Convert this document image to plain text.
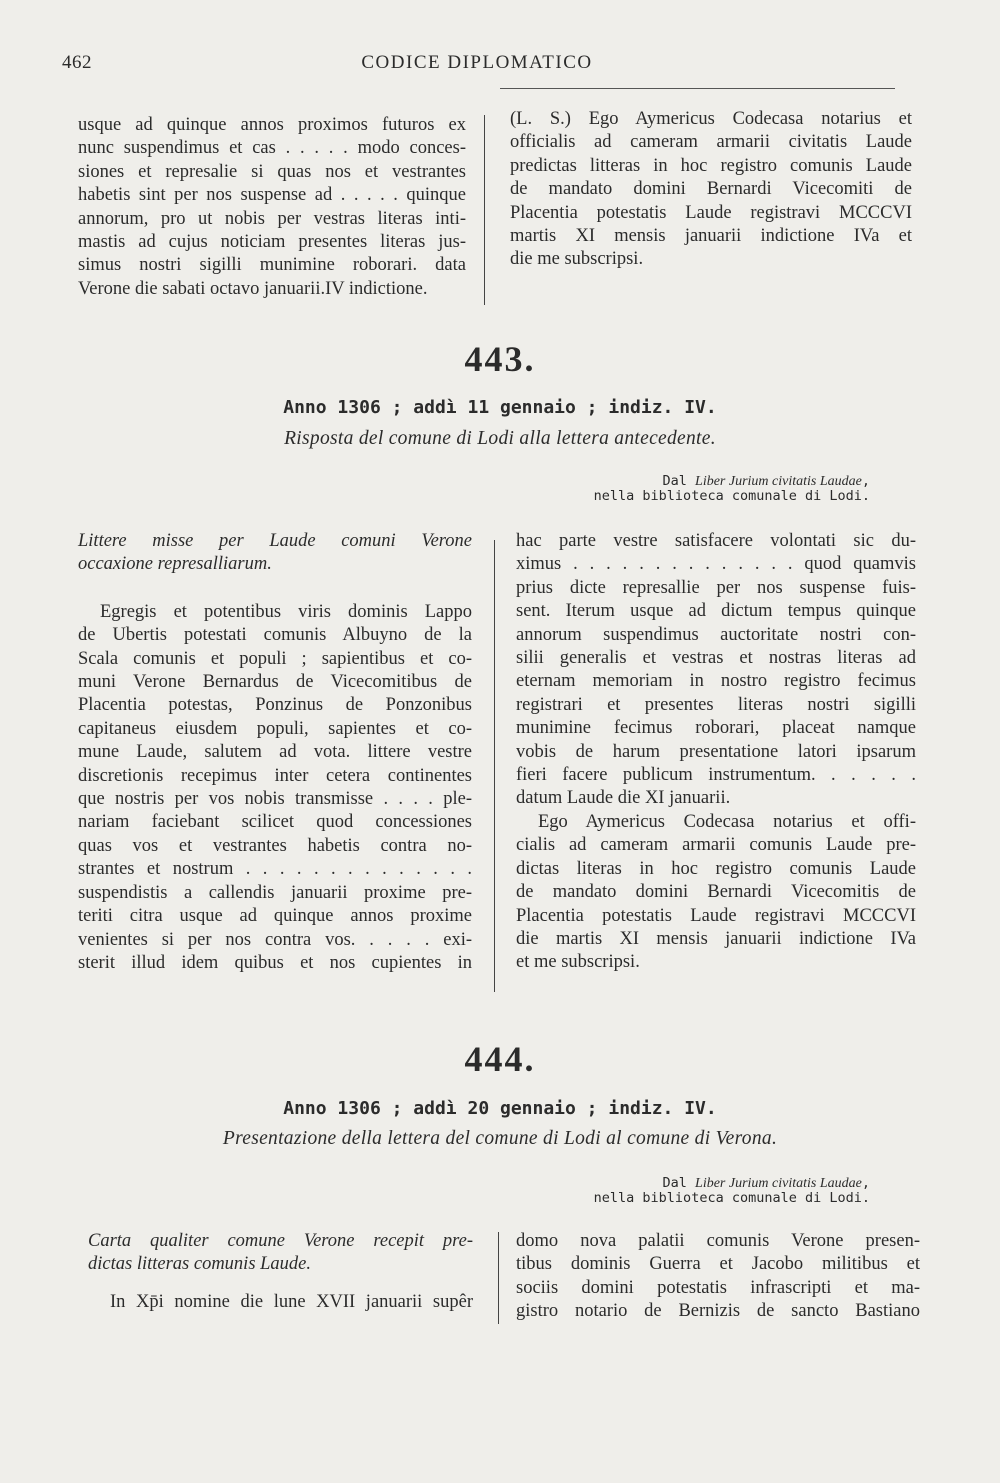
462	CODICE DIPLOMATICO
usque ad quinque annos proximos futuros ex
nunc suspendimus et cas . . . . . modo conces-
siones et represalie si quas nos et vestrantes
habetis sint per nos suspense ad . . . . . quinque
annorum, pro ut nobis per vestras literas inti-
mastis ad cujus noticiam presentes literas jus-
simus nostri sigilli munimine roborari. data
Verone die sabati octavo januarii.IV indictione.
(L. S.) Ego Aymericus Codecasa notarius et
officialis ad cameram armarii civitatis Laude
predictas litteras in hoc registro comunis Laude
de mandato domini Bernardi Vicecomiti de
Placentia potestatis Laude registravi MCCCVI
martis XI mensis januarii indictione IVa et
die me subscripsi.
443.
Anno 1306 ; addì 11 gennaio ; indiz. IV.
Risposta del comune di Lodi alla lettera antecedente.
Dal Liber Jurium civitatis Laudae,
nella biblioteca comunale di Lodi.
Littere misse per Laude comuni Verone
occaxione represalliarum.
Egregis et potentibus viris dominis Lappo
de Ubertis potestati comunis Albuyno de la
Scala comunis et populi ; sapientibus et co-
muni Verone Bernardus de Vicecomitibus de
Placentia potestas, Ponzinus de Ponzonibus
capitaneus eiusdem populi, sapientes et co-
mune Laude, salutem ad vota. littere vestre
discretionis recepimus inter cetera continentes
que nostris per vos nobis transmisse . . . . ple-
nariam faciebant scilicet quod concessiones
quas vos et vestrantes habetis contra no-
strantes et nostrum . . . . . . . . . . . . . .
suspendistis a callendis januarii proxime pre-
teriti citra usque ad quinque annos proxime
venientes si per nos contra vos. . . . . exi-
sterit illud idem quibus et nos cupientes in
hac parte vestre satisfacere volontati sic du-
ximus . . . . . . . . . . . . . . quod quamvis
prius dicte represallie per nos suspense fuis-
sent. Iterum usque ad dictum tempus quinque
annorum suspendimus auctoritate nostri con-
silii generalis et vestras et nostras literas ad
eternam memoriam in nostro registro fecimus
registrari et presentes literas nostri sigilli
munimine fecimus roborari, placeat namque
vobis de harum presentatione latori ipsarum
fieri facere publicum instrumentum. . . . . .
datum Laude die XI januarii.
Ego Aymericus Codecasa notarius et offi-
cialis ad cameram armarii comunis Laude pre-
dictas literas in hoc registro comunis Laude
de mandato domini Bernardi Vicecomitis de
Placentia potestatis Laude registravi MCCCVI
die martis XI mensis januarii indictione IVa
et me subscripsi.
444.
Anno 1306 ; addì 20 gennaio ; indiz. IV.
Presentazione della lettera del comune di Lodi al comune di Verona.
Dal Liber Jurium civitatis Laudae,
nella biblioteca comunale di Lodi.
Carta qualiter comune Verone recepit pre-
dictas litteras comunis Laude.
In Xp̄i nomine die lune XVII januarii supêr
domo nova palatii comunis Verone presen-
tibus dominis Guerra et Jacobo militibus et
sociis domini potestatis infrascripti et ma-
gistro notario de Bernizis de sancto Bastiano
